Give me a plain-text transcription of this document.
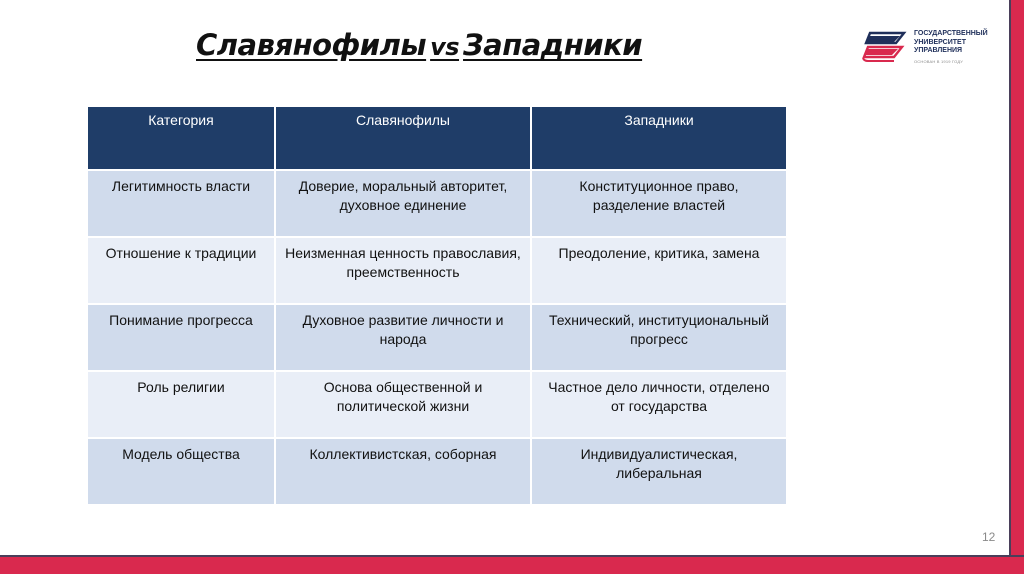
Славянофилы vs Западники	ГОСУДАРСТВЕННЫЙ
УНИВЕРСИТЕТ
УПРАВЛЕНИЯ
ОСНОВАН В 1919 ГОДУ
Категория	Славянофилы	Западники
Легитимность власти	Доверие, моральный авторитет, духовное единение	Конституционное право, разделение властей
Отношение к традиции	Неизменная ценность православия, преемственность	Преодоление, критика, замена
Понимание прогресса	Духовное развитие личности и народа	Технический, институциональный прогресс
Роль религии	Основа общественной и политической жизни	Частное дело личности, отделено от государства
Модель общества	Коллективистская, соборная	Индивидуалистическая, либеральная
12
